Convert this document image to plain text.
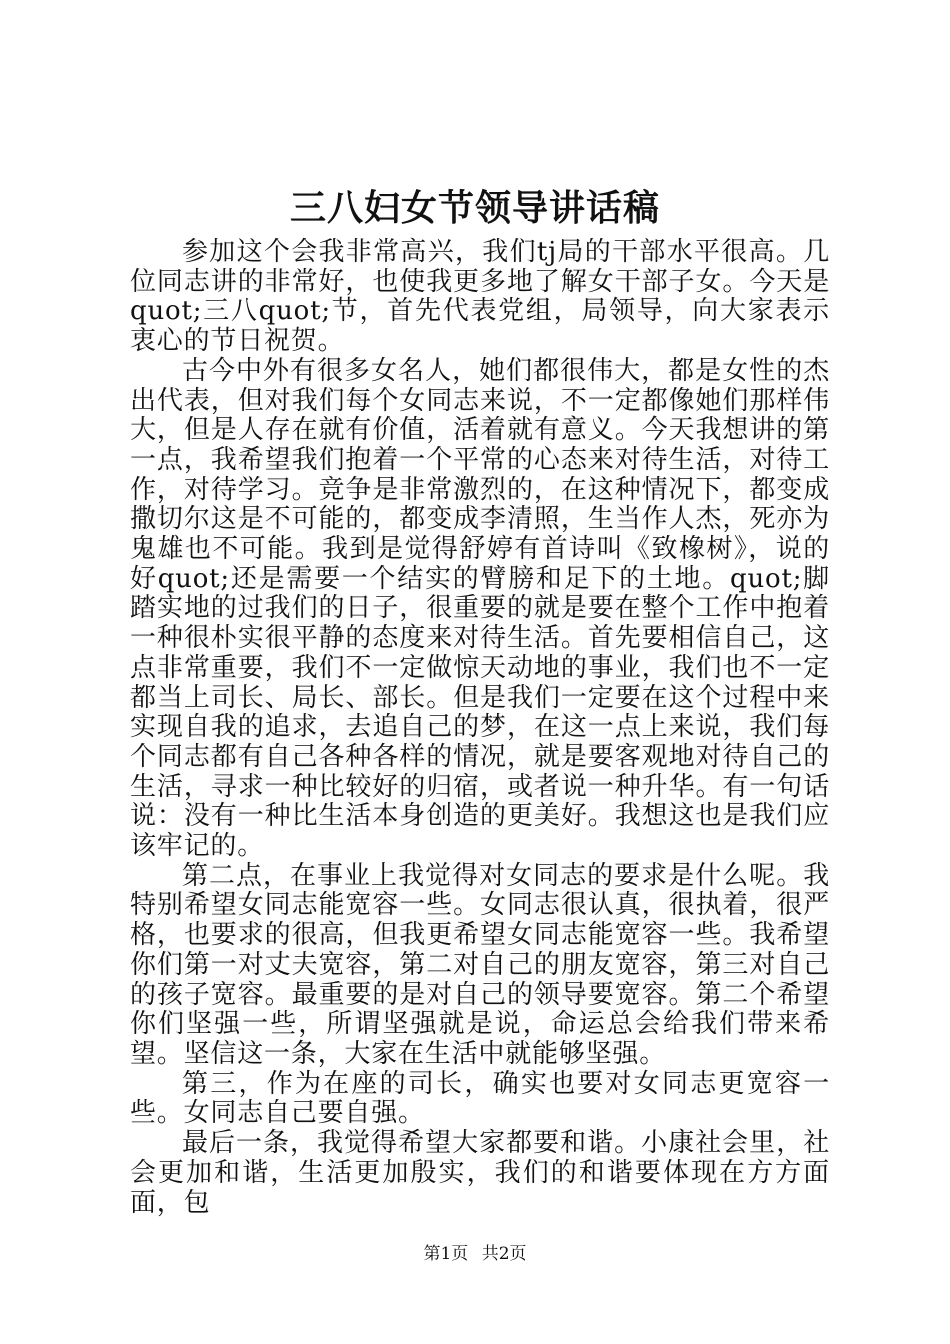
三八妇女节领导讲话稿

参加这个会我非常高兴，我们tj局的干部水平很高。几位同志讲的非常好，也使我更多地了解女干部子女。今天是quot;三八quot;节，首先代表党组，局领导，向大家表示衷心的节日祝贺。

古今中外有很多女名人，她们都很伟大，都是女性的杰出代表，但对我们每个女同志来说，不一定都像她们那样伟大，但是人存在就有价值，活着就有意义。今天我想讲的第一点，我希望我们抱着一个平常的心态来对待生活，对待工作，对待学习。竞争是非常激烈的，在这种情况下，都变成撒切尔这是不可能的，都变成李清照，生当作人杰，死亦为鬼雄也不可能。我到是觉得舒婷有首诗叫《致橡树》，说的好quot;还是需要一个结实的臂膀和足下的土地。quot;脚踏实地的过我们的日子，很重要的就是要在整个工作中抱着一种很朴实很平静的态度来对待生活。首先要相信自己，这点非常重要，我们不一定做惊天动地的事业，我们也不一定都当上司长、局长、部长。但是我们一定要在这个过程中来实现自我的追求，去追自己的梦，在这一点上来说，我们每个同志都有自己各种各样的情况，就是要客观地对待自己的生活，寻求一种比较好的归宿，或者说一种升华。有一句话说：没有一种比生活本身创造的更美好。我想这也是我们应该牢记的。

第二点，在事业上我觉得对女同志的要求是什么呢。我特别希望女同志能宽容一些。女同志很认真，很执着，很严格，也要求的很高，但我更希望女同志能宽容一些。我希望你们第一对丈夫宽容，第二对自己的朋友宽容，第三对自己的孩子宽容。最重要的是对自己的领导要宽容。第二个希望你们坚强一些，所谓坚强就是说，命运总会给我们带来希望。坚信这一条，大家在生活中就能够坚强。

第三，作为在座的司长，确实也要对女同志更宽容一些。女同志自己要自强。

最后一条，我觉得希望大家都要和谐。小康社会里，社会更加和谐，生活更加殷实，我们的和谐要体现在方方面面，包

第1页 共2页
